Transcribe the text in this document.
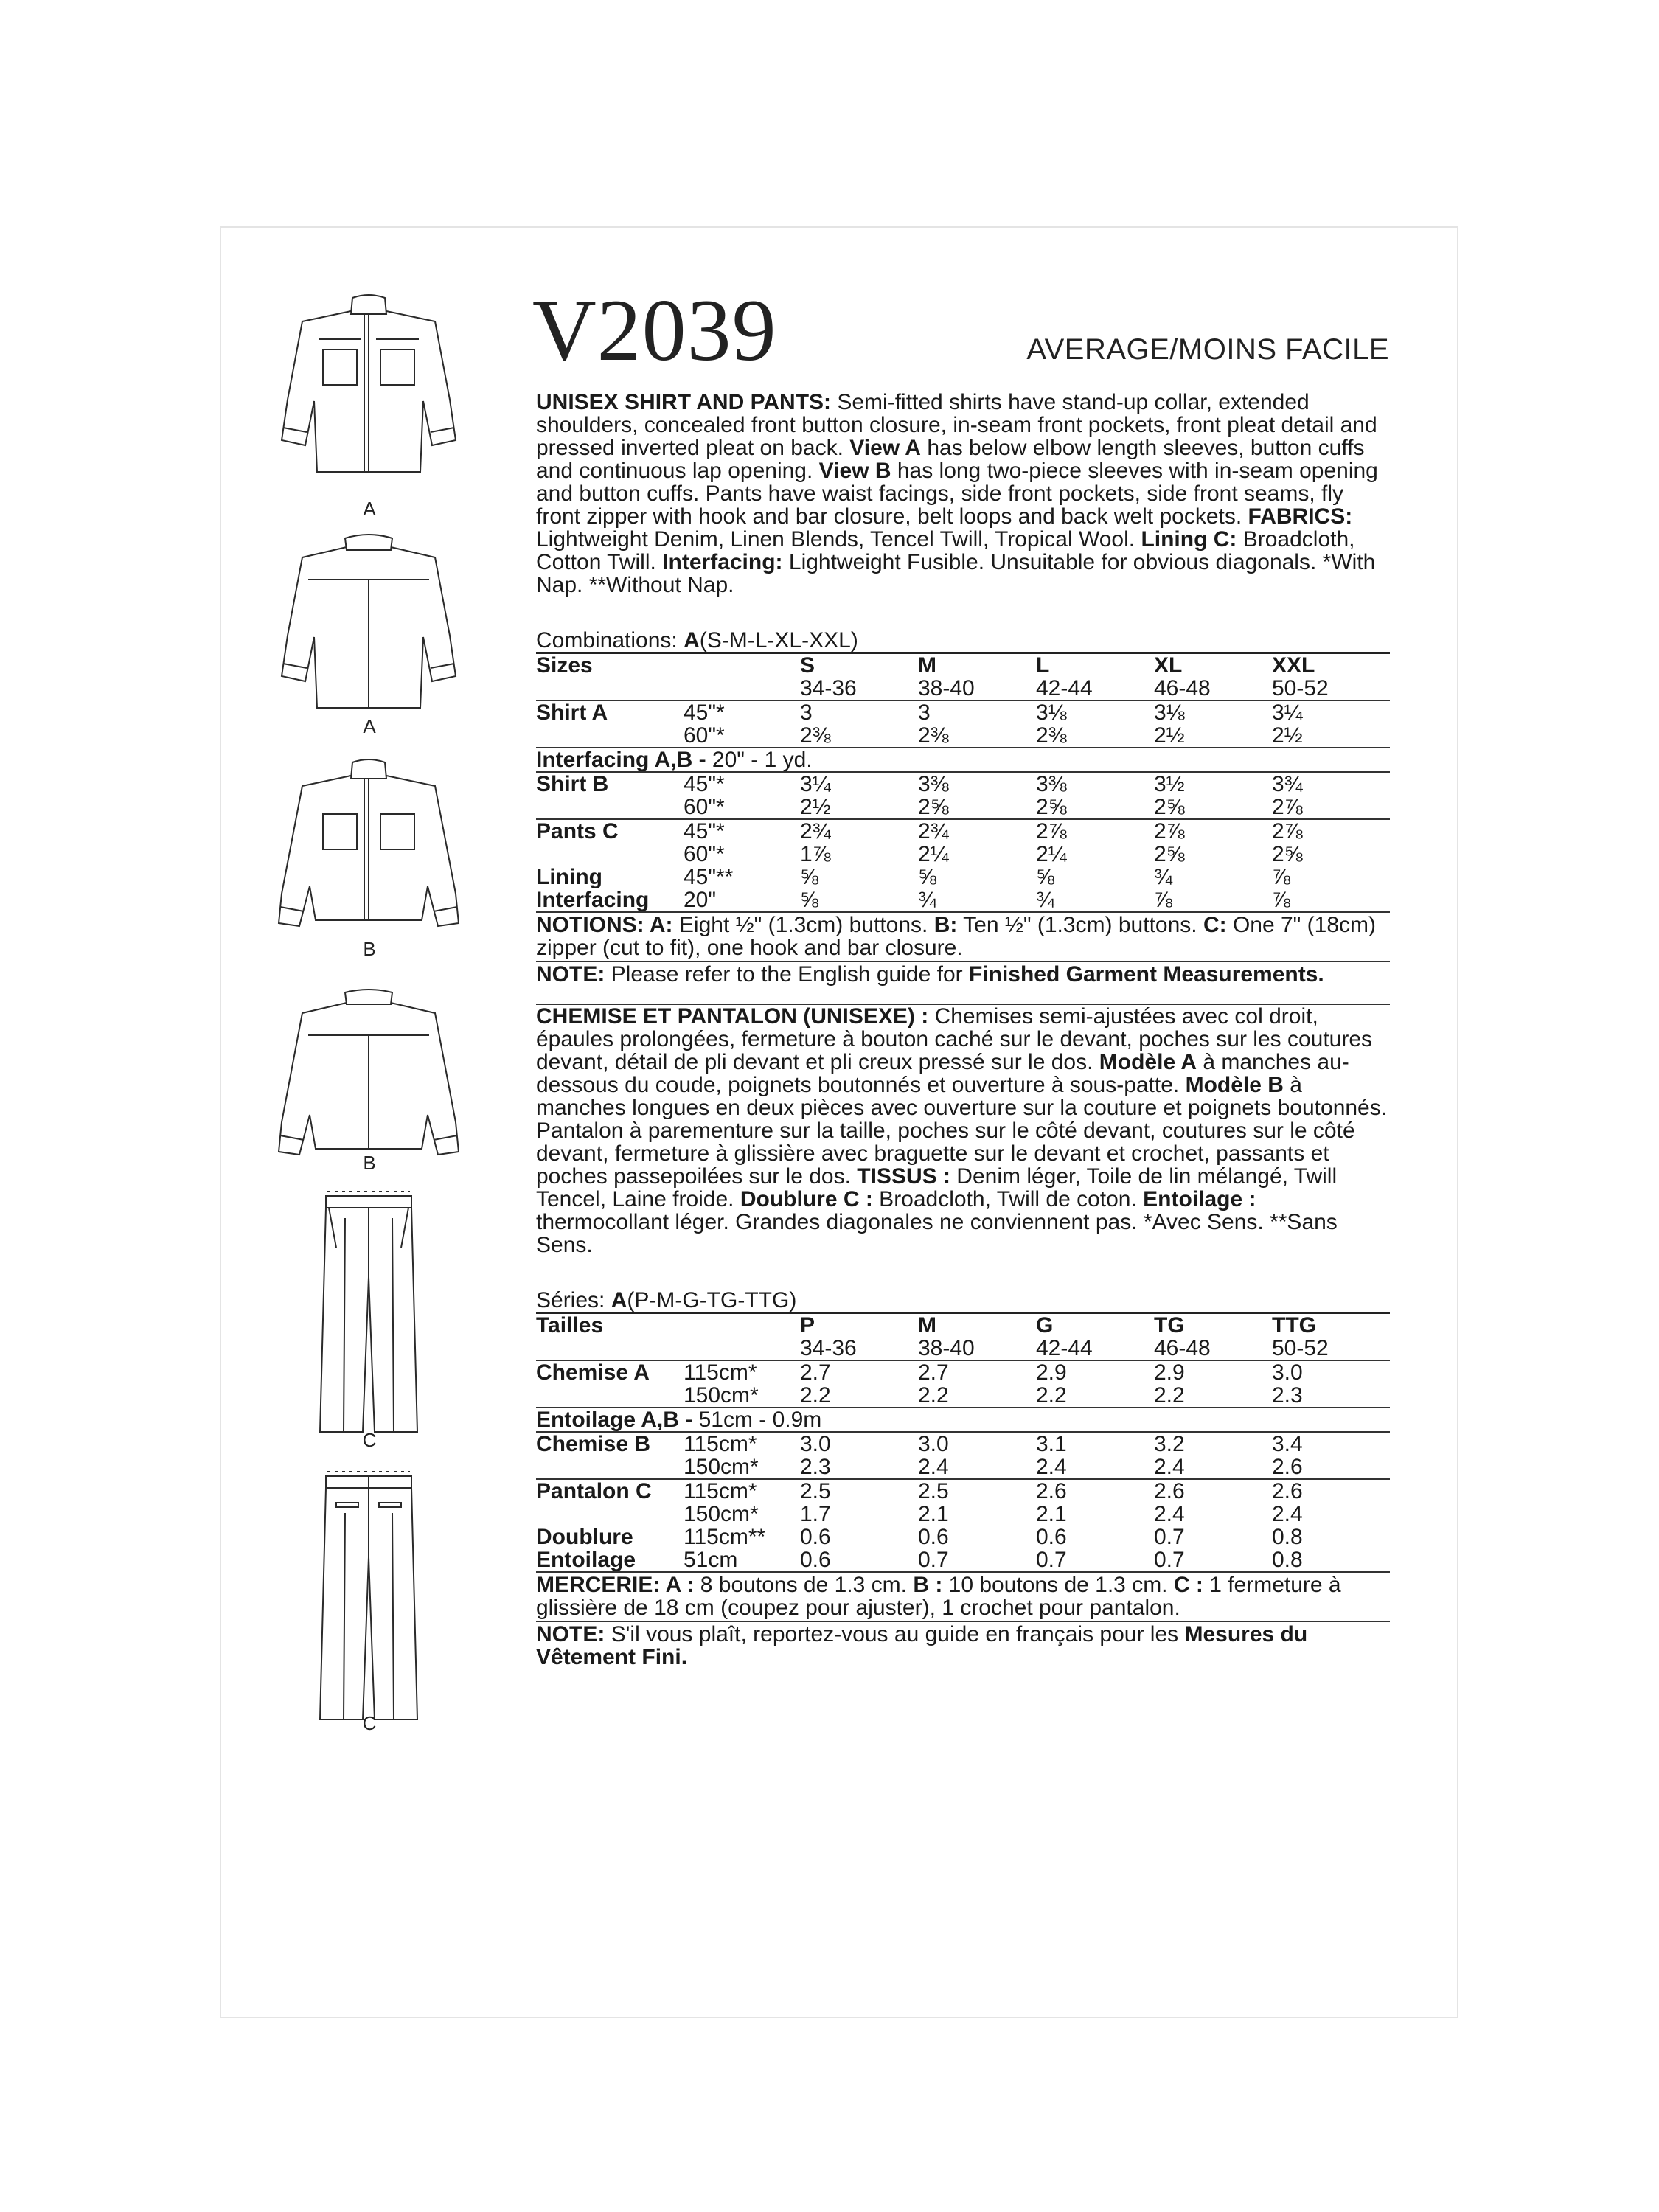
V2039	AVERAGE/MOINS FACILE
A
A
B
B
C
C

UNISEX SHIRT AND PANTS: Semi-fitted shirts have stand-up collar, extended shoulders, concealed front button closure, in-seam front pockets, front pleat detail and pressed inverted pleat on back. View A has below elbow length sleeves, button cuffs and continuous lap opening. View B has long two-piece sleeves with in-seam opening and button cuffs. Pants have waist facings, side front pockets, side front seams, fly front zipper with hook and bar closure, belt loops and back welt pockets. FABRICS: Lightweight Denim, Linen Blends, Tencel Twill, Tropical Wool. Lining C: Broadcloth, Cotton Twill. Interfacing: Lightweight Fusible. Unsuitable for obvious diagonals. *With Nap. **Without Nap.

Combinations: A(S-M-L-XL-XXL)
Sizes		S	M	L	XL	XXL
		34-36	38-40	42-44	46-48	50-52
Shirt A	45"*	3	3	3⅛	3⅛	3¼
	60"*	2⅜	2⅜	2⅜	2½	2½
Interfacing A,B - 20" - 1 yd.						
Shirt B	45"*	3¼	3⅜	3⅜	3½	3¾
	60"*	2½	2⅝	2⅝	2⅝	2⅞
Pants C	45"*	2¾	2¾	2⅞	2⅞	2⅞
	60"*	1⅞	2¼	2¼	2⅝	2⅝
Lining	45"**	⅝	⅝	⅝	¾	⅞
Interfacing	20"	⅝	¾	¾	⅞	⅞
NOTIONS: A: Eight ½" (1.3cm) buttons. B: Ten ½" (1.3cm) buttons. C: One 7" (18cm) zipper (cut to fit), one hook and bar closure.
NOTE: Please refer to the English guide for Finished Garment Measurements.

CHEMISE ET PANTALON (UNISEXE) : Chemises semi-ajustées avec col droit, épaules prolongées, fermeture à bouton caché sur le devant, poches sur les coutures devant, détail de pli devant et pli creux pressé sur le dos. Modèle A à manches au-dessous du coude, poignets boutonnés et ouverture à sous-patte. Modèle B à manches longues en deux pièces avec ouverture sur la couture et poignets boutonnés. Pantalon à parementure sur la taille, poches sur le côté devant, coutures sur le côté devant, fermeture à glissière avec braguette sur le devant et crochet, passants et poches passepoilées sur le dos. TISSUS : Denim léger, Toile de lin mélangé, Twill Tencel, Laine froide. Doublure C : Broadcloth, Twill de coton. Entoilage : thermocollant léger. Grandes diagonales ne conviennent pas. *Avec Sens. **Sans Sens.

Séries: A(P-M-G-TG-TTG)
Tailles		P	M	G	TG	TTG
		34-36	38-40	42-44	46-48	50-52
Chemise A	115cm*	2.7	2.7	2.9	2.9	3.0
	150cm*	2.2	2.2	2.2	2.2	2.3
Entoilage A,B - 51cm - 0.9m						
Chemise B	115cm*	3.0	3.0	3.1	3.2	3.4
	150cm*	2.3	2.4	2.4	2.4	2.6
Pantalon C	115cm*	2.5	2.5	2.6	2.6	2.6
	150cm*	1.7	2.1	2.1	2.4	2.4
Doublure	115cm**	0.6	0.6	0.6	0.7	0.8
Entoilage	51cm	0.6	0.7	0.7	0.7	0.8
MERCERIE: A : 8 boutons de 1.3 cm. B : 10 boutons de 1.3 cm. C : 1 fermeture à glissière de 18 cm (coupez pour ajuster), 1 crochet pour pantalon.
NOTE: S'il vous plaît, reportez-vous au guide en français pour les Mesures du Vêtement Fini.
